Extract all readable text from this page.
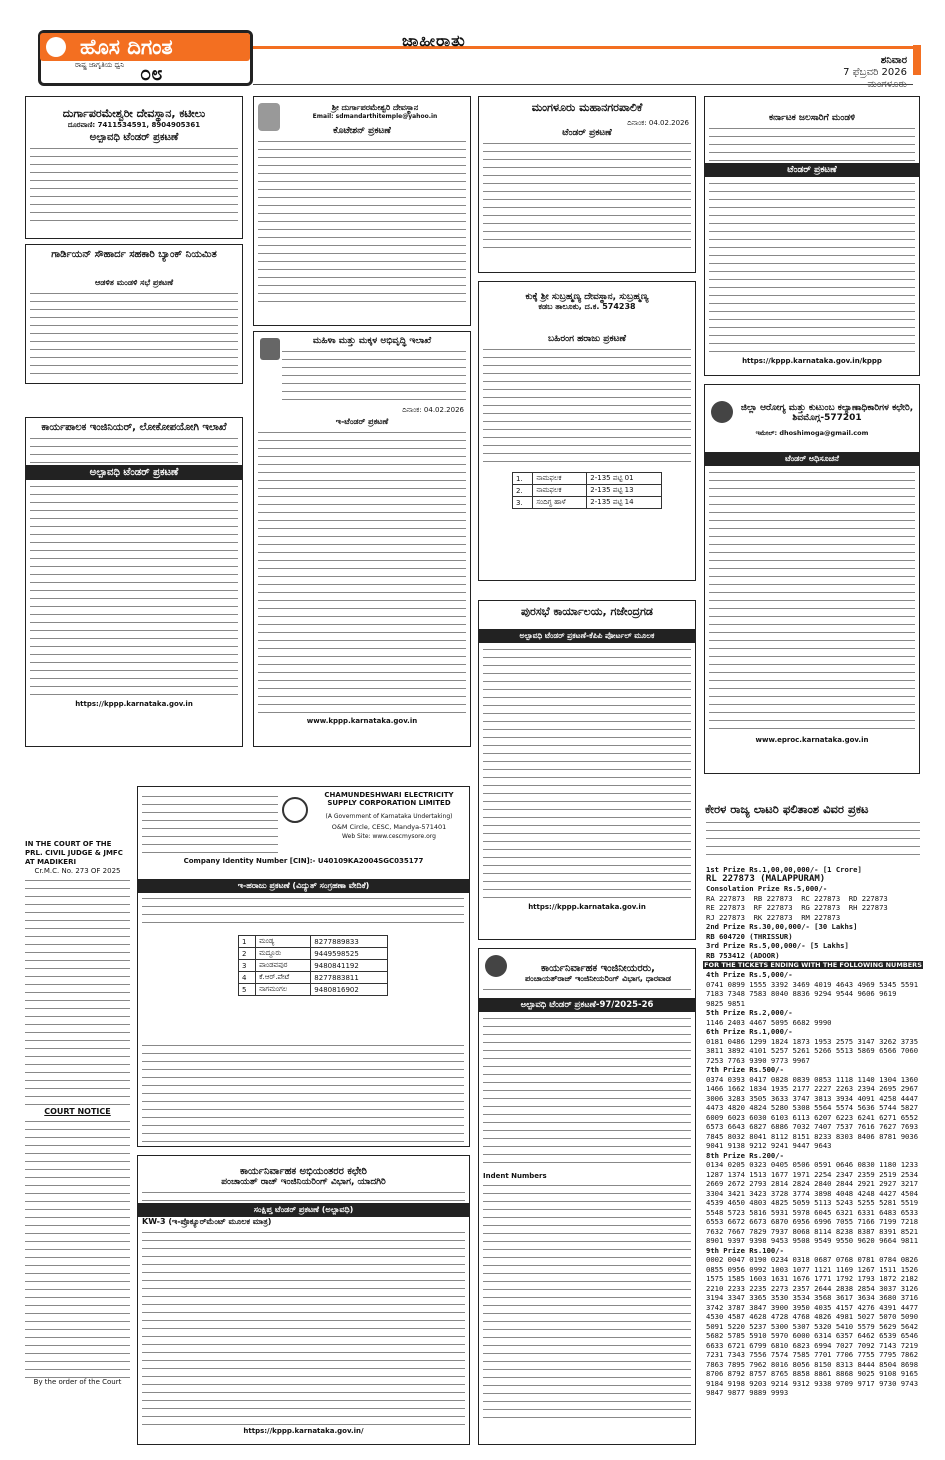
ಹೊಸ ದಿಗಂತ
ರಾಷ್ಟ್ರ ಜಾಗೃತಿಯ ಧ್ವನಿ ೦೮
ಜಾಹೀರಾತು
ಶನಿವಾರ
7 ಫೆಬ್ರವರಿ 2026
ದುರ್ಗಾಪರಮೇಶ್ವರೀ ದೇವಸ್ಥಾನ, ಕಟೀಲು
ದೂರವಾಣಿ: 7411534591, 8904905361
ಅಲ್ಪಾವಧಿ ಟೆಂಡರ್ ಪ್ರಕಟಣೆ
ಗಾರ್ಡಿಯನ್ ಸೌಹಾರ್ದ ಸಹಕಾರಿ ಬ್ಯಾಂಕ್ ನಿಯಮಿತ
ಆಡಳಿತ ಮಂಡಳಿ ಸಭೆ ಪ್ರಕಟಣೆ
ಕಾರ್ಯಪಾಲಕ ಇಂಜಿನಿಯರ್, ಲೋಕೋಪಯೋಗಿ ಇಲಾಖೆ
ಅಲ್ಪಾವಧಿ ಟೆಂಡರ್ ಪ್ರಕಟಣೆ
https://kppp.karnataka.gov.in
ಶ್ರೀ ದುರ್ಗಾಪರಮೇಶ್ವರಿ ದೇವಸ್ಥಾನ
Email: sdmandarthitemple@yahoo.in
ಕೊಟೇಶನ್ ಪ್ರಕಟಣೆ
ಮಹಿಳಾ ಮತ್ತು ಮಕ್ಕಳ ಅಭಿವೃದ್ಧಿ ಇಲಾಖೆ
ದಿನಾಂಕ: 04.02.2026
ಇ-ಟೆಂಡರ್ ಪ್ರಕಟಣೆ
www.kppp.karnataka.gov.in
ಮಂಗಳೂರು ಮಹಾನಗರಪಾಲಿಕೆ
ದಿನಾಂಕ: 04.02.2026
ಟೆಂಡರ್ ಪ್ರಕಟಣೆ
ಕುಕ್ಕೆ ಶ್ರೀ ಸುಬ್ರಹ್ಮಣ್ಯ ದೇವಸ್ಥಾನ, ಸುಬ್ರಹ್ಮಣ್ಯ
ಕಡಬ ತಾಲೂಕು, ದ.ಕ. 574238
ಬಹಿರಂಗ ಹರಾಜು ಪ್ರಕಟಣೆ
1.	ನಾಮಫಲಕ	2-135 ಪಟ್ಟಿ 01
2.	ನಾಮಫಲಕ	2-135 ಪಟ್ಟಿ 13
3.	ಸಂದಿಗ್ಧ ಹಾಳೆ	2-135 ಪಟ್ಟಿ 14
ಪುರಸಭೆ ಕಾರ್ಯಾಲಯ, ಗಜೇಂದ್ರಗಡ
ಅಲ್ಪಾವಧಿ ಟೆಂಡರ್ ಪ್ರಕಟಣೆ-ಕೆಪಿಪಿ ಪೋರ್ಟಲ್ ಮೂಲಕ
https://kppp.karnataka.gov.in
ಕರ್ನಾಟಕ ಜಲಸಾರಿಗೆ ಮಂಡಳಿ
ಟೆಂಡರ್ ಪ್ರಕಟಣೆ
https://kppp.karnataka.gov.in/kppp
ಜಿಲ್ಲಾ ಆರೋಗ್ಯ ಮತ್ತು ಕುಟುಂಬ ಕಲ್ಯಾಣಾಧಿಕಾರಿಗಳ ಕಛೇರಿ, ಶಿವಮೊಗ್ಗ-577201
ಇಮೇಲ್: dhoshimoga@gmail.com
ಟೆಂಡರ್ ಅಧಿಸೂಚನೆ
www.eproc.karnataka.gov.in
ಕೇರಳ ರಾಜ್ಯ ಲಾಟರಿ ಫಲಿತಾಂಶ ವಿವರ ಪ್ರಕಟ
1st Prize Rs.1,00,00,000/- [1 Crore]
RL 227873 (MALAPPURAM)
Consolation Prize Rs.5,000/-
RA 227873  RB 227873  RC 227873  RD 227873
RE 227873  RF 227873  RG 227873  RH 227873
RJ 227873  RK 227873  RM 227873
2nd Prize Rs.30,00,000/- [30 Lakhs]
RB 604720 (THRISSUR)
3rd Prize Rs.5,00,000/- [5 Lakhs]
RB 753412 (ADOOR)
FOR THE TICKETS ENDING WITH THE FOLLOWING NUMBERS
4th Prize Rs.5,000/-
0741 0899 1555 3392 3469 4019 4643 4969 5345 5591
7183 7348 7583 8040 8836 9294 9544 9606 9619
9825 9851
5th Prize Rs.2,000/-
1146 2403 4467 5095 6682 9990
6th Prize Rs.1,000/-
0181 0486 1299 1824 1873 1953 2575 3147 3262 3735
3811 3892 4101 5257 5261 5266 5513 5869 6566 7060
7253 7763 9390 9773 9967
7th Prize Rs.500/-
0374 0393 0417 0828 0839 0853 1118 1140 1304 1360
1466 1662 1834 1935 2177 2227 2263 2394 2695 2967
3006 3283 3505 3633 3747 3813 3934 4091 4258 4447
4473 4820 4824 5280 5308 5564 5574 5636 5744 5827
6009 6023 6030 6103 6113 6207 6223 6241 6271 6552
6573 6643 6827 6886 7032 7407 7537 7616 7627 7693
7845 8032 8041 8112 8151 8233 8303 8406 8781 9036
9041 9138 9212 9241 9447 9643
8th Prize Rs.200/-
0134 0205 0323 0405 0506 0591 0646 0830 1180 1233
1287 1374 1513 1677 1971 2254 2347 2359 2519 2534
2669 2672 2793 2814 2824 2840 2844 2921 2927 3217
3304 3421 3423 3728 3774 3898 4048 4248 4427 4504
4539 4650 4803 4825 5059 5113 5243 5255 5281 5519
5548 5723 5816 5931 5978 6045 6321 6331 6483 6533
6553 6672 6673 6870 6956 6996 7055 7166 7199 7218
7632 7667 7829 7937 8068 8114 8238 8387 8391 8521
8901 9397 9398 9453 9508 9549 9550 9620 9664 9811
9th Prize Rs.100/-
0002 0047 0190 0234 0318 0687 0768 0781 0784 0826
0855 0956 0992 1003 1077 1121 1169 1267 1511 1526
1575 1585 1603 1631 1676 1771 1792 1793 1872 2182
2210 2233 2235 2273 2357 2644 2838 2854 3037 3126
3194 3347 3365 3530 3534 3568 3617 3634 3680 3716
3742 3787 3847 3900 3950 4035 4157 4276 4391 4477
4530 4587 4628 4728 4768 4826 4981 5027 5070 5090
5091 5220 5237 5300 5307 5320 5410 5579 5629 5642
5682 5785 5910 5970 6000 6314 6357 6462 6539 6546
6633 6721 6799 6810 6823 6994 7027 7092 7143 7219
7231 7343 7556 7574 7585 7701 7706 7755 7795 7862
7863 7895 7962 8016 8056 8150 8313 8444 8504 8698
8706 8792 8757 8765 8858 8861 8868 9025 9108 9165
9184 9198 9203 9214 9312 9338 9709 9717 9730 9743
9847 9877 9889 9993
IN THE COURT OF THE PRL. CIVIL JUDGE & JMFC AT MADIKERI
Cr.M.C. No. 273 OF 2025
COURT NOTICE
By the order of the Court
CHAMUNDESHWARI ELECTRICITY SUPPLY CORPORATION LIMITED
(A Government of Karnataka Undertaking)
O&M Circle, CESC, Mandya-571401
Web Site: www.cescmysore.org
Company Identity Number [CIN]:- U40109KA2004SGC035177
ಇ-ಹರಾಜು ಪ್ರಕಟಣೆ (ವಿದ್ಯುತ್ ಸಂಗ್ರಹಣಾ ವೇದಿಕೆ)
1	ಮಂಡ್ಯ	8277889833
2	ಮದ್ದೂರು	9449598525
3	ಪಾಂಡವಪುರ	9480841192
4	ಕೆ.ಆರ್.ಪೇಟೆ	8277883811
5	ನಾಗಮಂಗಲ	9480816902
ಕಾರ್ಯನಿರ್ವಾಹಕ ಅಭಿಯಂತರರ ಕಛೇರಿ
ಪಂಚಾಯತ್ ರಾಜ್ ಇಂಜಿನಿಯರಿಂಗ್ ವಿಭಾಗ, ಯಾದಗಿರಿ
ಸಂಕ್ಷಿಪ್ತ ಟೆಂಡರ್ ಪ್ರಕಟಣೆ (ಅಲ್ಪಾವಧಿ)
KW-3 (ಇ-ಪ್ರೊಕ್ಯೂರ್‌ಮೆಂಟ್ ಮೂಲಕ ಮಾತ್ರ)
https://kppp.karnataka.gov.in/
ಕಾರ್ಯನಿರ್ವಾಹಕ ಇಂಜಿನೀಯರರು,
ಪಂಚಾಯತ್‌ರಾಜ್ ಇಂಜಿನೀಯರಿಂಗ್ ವಿಭಾಗ, ಧಾರವಾಡ
ಅಲ್ಪಾವಧಿ ಟೆಂಡರ್ ಪ್ರಕಟಣೆ-97/2025-26
Indent Numbers
